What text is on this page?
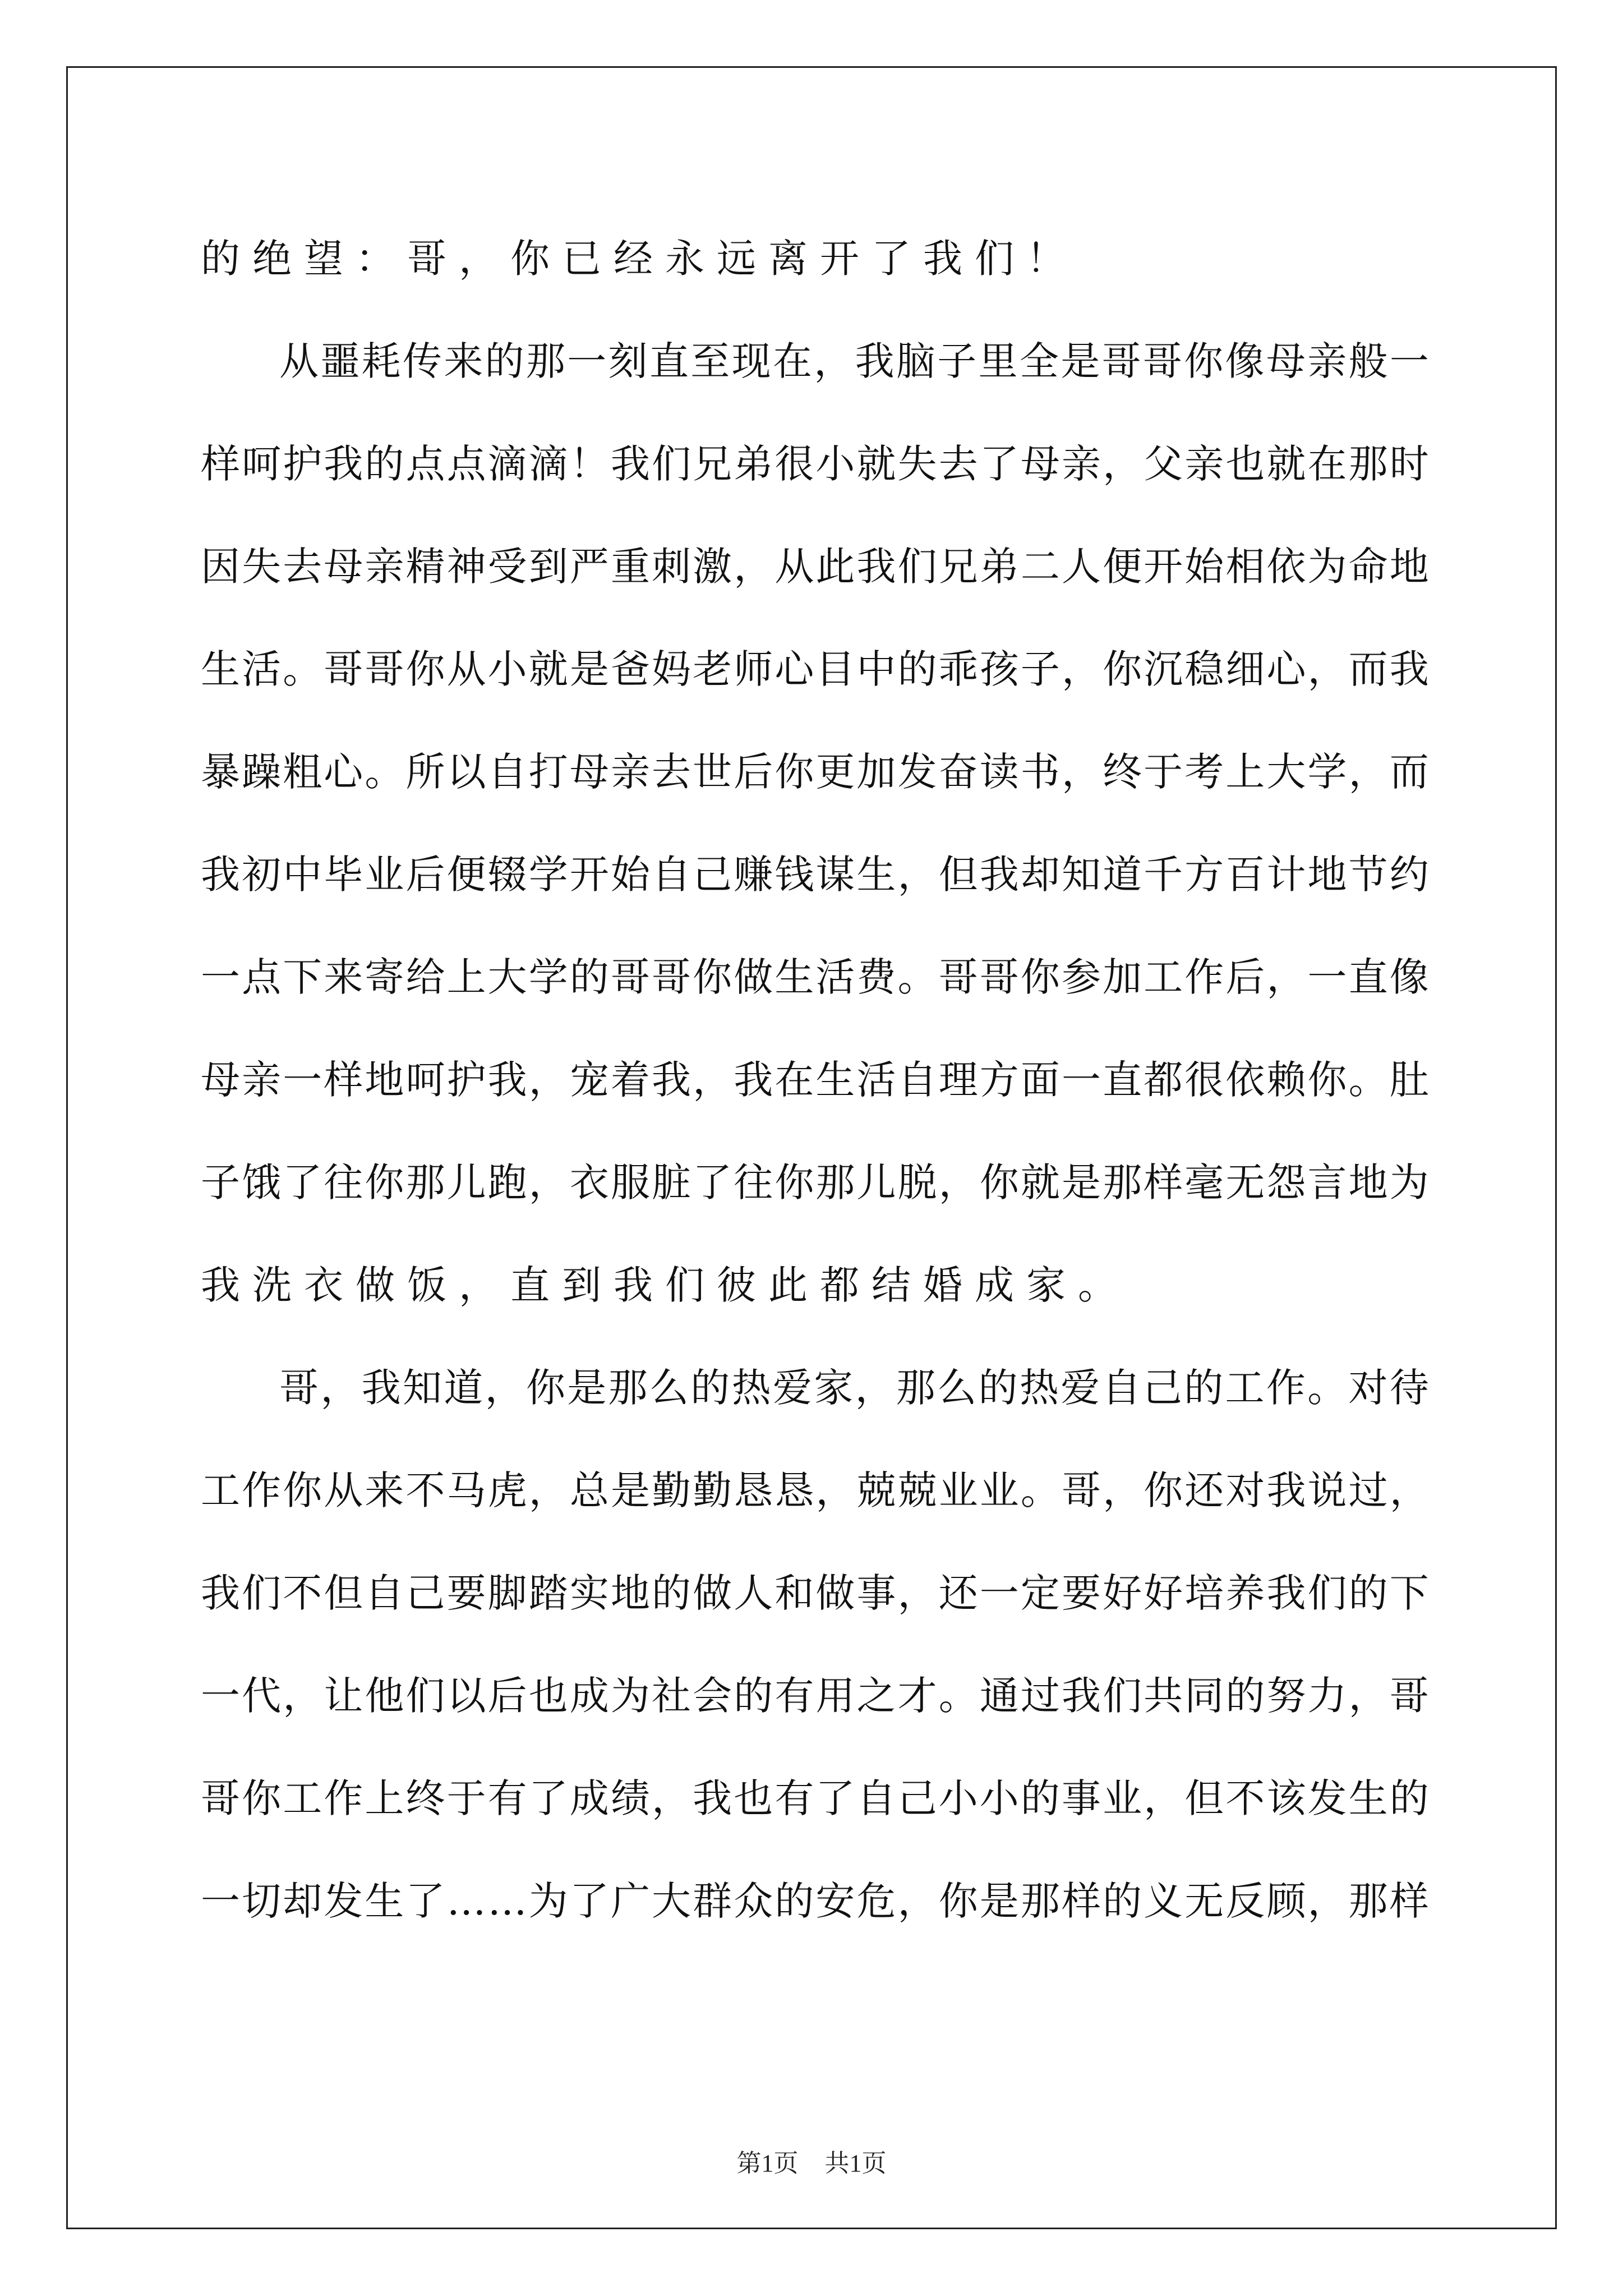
的绝望：哥，你已经永远离开了我们！
从 噩 耗 传 来 的 那 一 刻 直 至 现 在 ， 我 脑 子 里 全 是 哥 哥 你 像 母 亲 般 一
样 呵 护 我 的 点 点 滴 滴 ！ 我 们 兄 弟 很 小 就 失 去 了 母 亲 ， 父 亲 也 就 在 那 时
因 失 去 母 亲 精 神 受 到 严 重 刺 激 ， 从 此 我 们 兄 弟 二 人 便 开 始 相 依 为 命 地
生 活 。 哥 哥 你 从 小 就 是 爸 妈 老 师 心 目 中 的 乖 孩 子 ， 你 沉 稳 细 心 ， 而 我
暴 躁 粗 心 。 所 以 自 打 母 亲 去 世 后 你 更 加 发 奋 读 书 ， 终 于 考 上 大 学 ， 而
我 初 中 毕 业 后 便 辍 学 开 始 自 己 赚 钱 谋 生 ， 但 我 却 知 道 千 方 百 计 地 节 约
一 点 下 来 寄 给 上 大 学 的 哥 哥 你 做 生 活 费 。 哥 哥 你 参 加 工 作 后 ， 一 直 像
母 亲 一 样 地 呵 护 我 ， 宠 着 我 ， 我 在 生 活 自 理 方 面 一 直 都 很 依 赖 你 。 肚
子 饿 了 往 你 那 儿 跑 ， 衣 服 脏 了 往 你 那 儿 脱 ， 你 就 是 那 样 毫 无 怨 言 地 为
我洗衣做饭，直到我们彼此都结婚成家。
哥 ， 我 知 道 ， 你 是 那 么 的 热 爱 家 ， 那 么 的 热 爱 自 己 的 工 作 。 对 待
工 作 你 从 来 不 马 虎 ， 总 是 勤 勤 恳 恳 ， 兢 兢 业 业 。 哥 ， 你 还 对 我 说 过 ，
我 们 不 但 自 己 要 脚 踏 实 地 的 做 人 和 做 事 ， 还 一 定 要 好 好 培 养 我 们 的 下
一 代 ， 让 他 们 以 后 也 成 为 社 会 的 有 用 之 才 。 通 过 我 们 共 同 的 努 力 ， 哥
哥 你 工 作 上 终 于 有 了 成 绩 ， 我 也 有 了 自 己 小 小 的 事 业 ， 但 不 该 发 生 的
一 切 却 发 生 了 … … 为 了 广 大 群 众 的 安 危 ， 你 是 那 样 的 义 无 反 顾 ， 那 样
第1页 共1页
